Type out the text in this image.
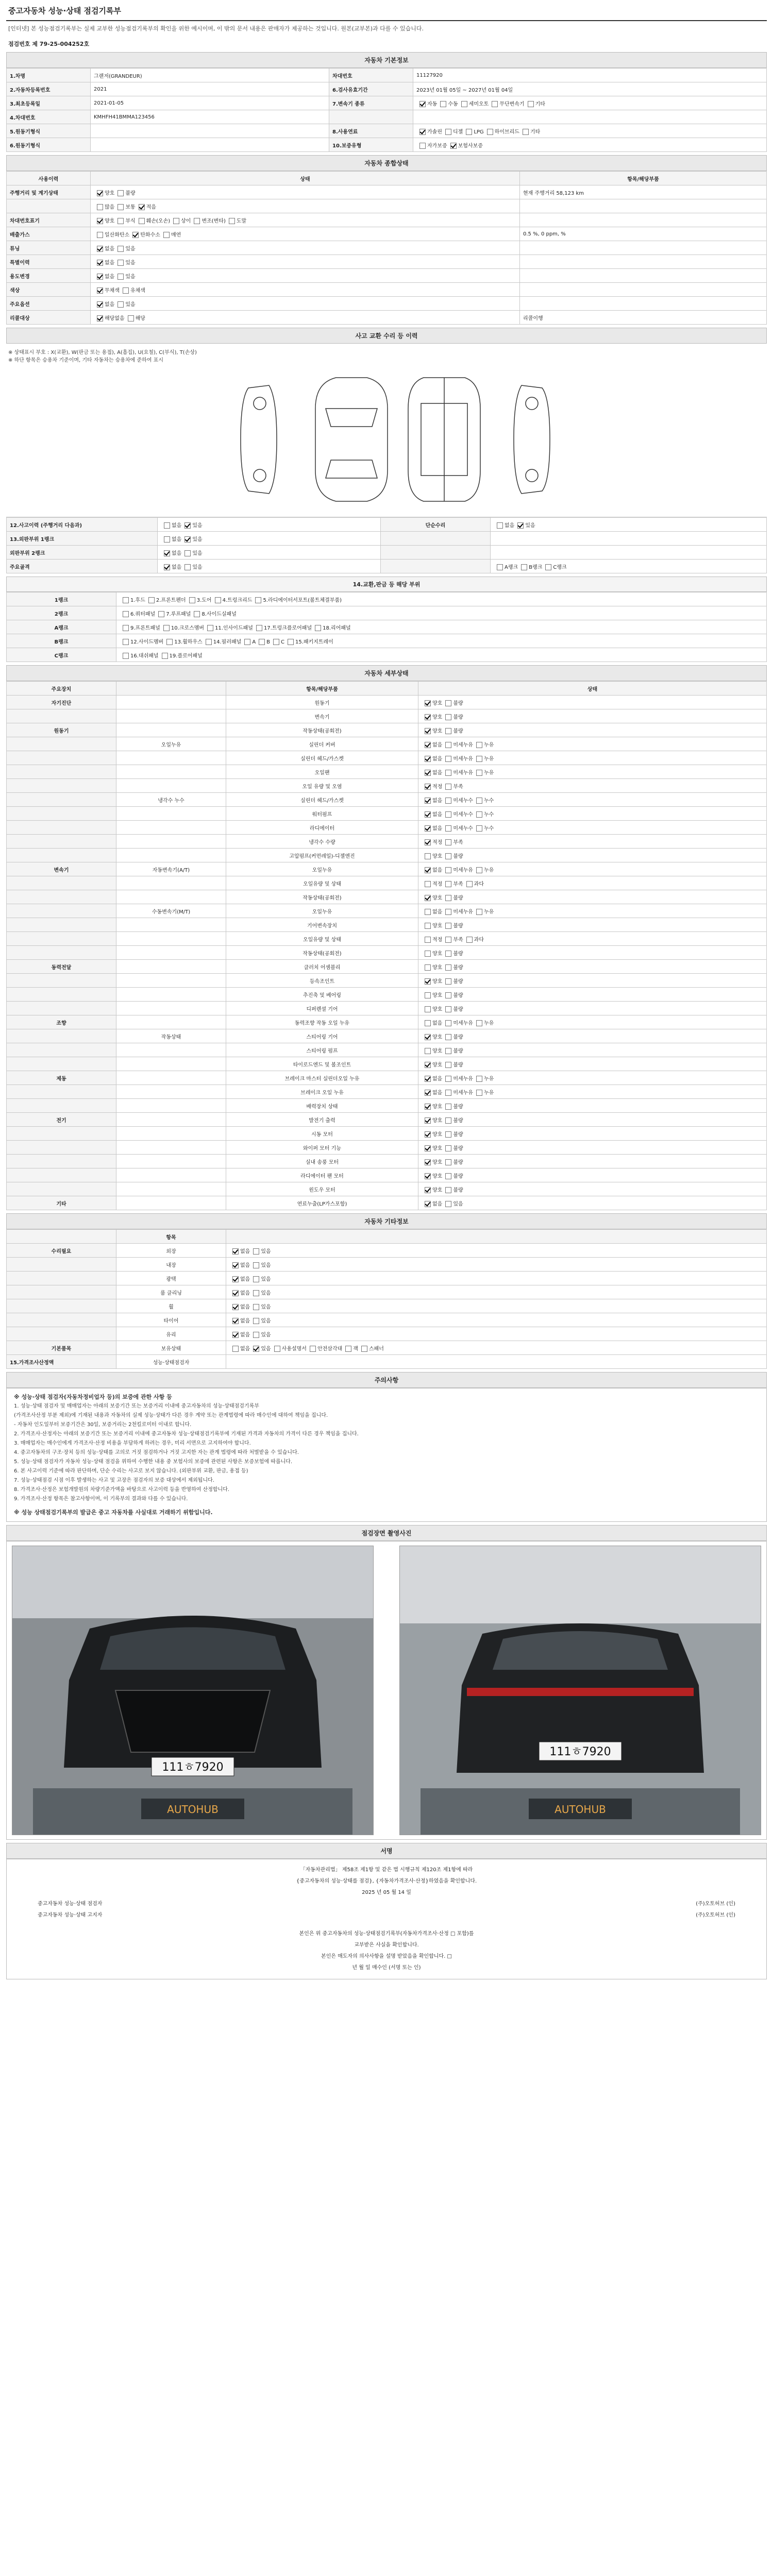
중고자동차 성능·상태 점검기록부
[인터넷] 본 성능점검기록부는 실제 교부한 성능점검기록부의 확인을 위한 예시이며, 이 밖의 문서 내용은 판매자가 제공하는 것입니다. 원본(교부본)과 다를 수 있습니다.
점검번호 제 79-25-004252호
자동차 기본정보
1.차명	그랜저(GRANDEUR)	차대번호	11127920
2.자동차등록번호	2021	6.검사유효기간	2023년 01월 05일 ~ 2027년 01월 04일
3.최초등록일	2021-01-05	7.변속기 종류	자동 수동 세미오토 무단변속기 기타
4.차대번호	KMHFH41BMMA123456		
5.원동기형식		8.사용연료	가솔린 디젤 LPG 하이브리드 기타
6.원동기형식		10.보증유형	자가보증 보험사보증
자동차 종합상태
사용이력	상태	항목/해당부품
주행거리 및 계기상태	양호 불량	현재 주행거리 58,123 km
	많음 보통 적음	
차대번호표기	양호 부식 훼손(오손) 상이 변조(변타) 도말	
배출가스	일산화탄소 탄화수소 매연	0.5 %, 0 ppm, %
튜닝	없음 있음	
특별이력	없음 있음	
용도변경	없음 있음	
색상	무채색 유채색	
주요옵션	없음 있음	
리콜대상	해당없음 해당	리콜이행
사고 교환 수리 등 이력
※ 상태표시 부호 : X(교환), W(판금 또는 용접), A(흠집), U(요철), C(부식), T(손상)
※ 하단 항목은 승용차 기준이며, 기타 자동차는 승용차에 준하여 표시
12.사고이력 (주행거리 다음과)	없음 있음	단순수리	없음 있음
13.외판부위 1랭크	없음 있음		
외판부위 2랭크	없음 있음		
주요골격	없음 있음		A랭크 B랭크 C랭크
14.교환,판금 등 해당 부위
1랭크	1.후드 2.프론트펜더 3.도어 4.트렁크리드 5.라디에이터서포트(볼트체결부품)
2랭크	6.쿼터패널 7.루프패널 8.사이드실패널
A랭크	9.프론트패널 10.크로스멤버 11.인사이드패널 17.트렁크플로어패널 18.리어패널
B랭크	12.사이드멤버 13.휠하우스 14.필러패널 A B C 15.패키지트레이
C랭크	16.대쉬패널 19.플로어패널
자동차 세부상태
주요장치		항목/해당부품	상태
자기진단		원동기	양호 불량
		변속기	양호 불량
원동기		작동상태(공회전)	양호 불량
	오일누유	실린더 커버	없음 미세누유 누유
		실린더 헤드/가스켓	없음 미세누유 누유
		오일팬	없음 미세누유 누유
		오일 유량 및 오염	적정 부족
	냉각수 누수	실린더 헤드/가스켓	없음 미세누수 누수
		워터펌프	없음 미세누수 누수
		라디에이터	없음 미세누수 누수
		냉각수 수량	적정 부족
		고압펌프(커먼레일)-디젤엔진	양호 불량
변속기	자동변속기(A/T)	오일누유	없음 미세누유 누유
		오일유량 및 상태	적정 부족 과다
		작동상태(공회전)	양호 불량
	수동변속기(M/T)	오일누유	없음 미세누유 누유
		기어변속장치	양호 불량
		오일유량 및 상태	적정 부족 과다
		작동상태(공회전)	양호 불량
동력전달		클러치 어셈블리	양호 불량
		등속조인트	양호 불량
		추진축 및 베어링	양호 불량
		디퍼렌셜 기어	양호 불량
조향		동력조향 작동 오일 누유	없음 미세누유 누유
	작동상태	스티어링 기어	양호 불량
		스티어링 펌프	양호 불량
		타이로드엔드 및 볼조인트	양호 불량
제동		브레이크 마스터 실린더오일 누유	없음 미세누유 누유
		브레이크 오일 누유	없음 미세누유 누유
		배력장치 상태	양호 불량
전기		발전기 출력	양호 불량
		시동 모터	양호 불량
		와이퍼 모터 기능	양호 불량
		실내 송풍 모터	양호 불량
		라디에이터 팬 모터	양호 불량
		윈도우 모터	양호 불량
기타		연료누출(LP가스포함)	없음 있음
자동차 기타정보
	항목	
수리필요	외장	없음 있음
	내장	없음 있음
	광택	없음 있음
	룸 클리닝	없음 있음
	휠	없음 있음
	타이어	없음 있음
	유리	없음 있음
기본품목	보유상태	없음 있음 사용설명서 안전삼각대 잭 스패너
15.가격조사산정액	성능·상태점검자	
주의사항
※ 성능·상태 점검자(자동차정비업자 등)의 보증에 관한 사항 등
1. 성능·상태 점검자 및 매매업자는 아래의 보증기간 또는 보증거리 이내에 중고자동차의 성능·상태점검기록부
(가격조사산정 부분 제외)에 기재된 내용과 자동차의 실제 성능·상태가 다른 경우 계약 또는 관계법령에 따라 매수인에 대하여 책임을 집니다.
- 자동차 인도일부터 보증기간은 30일, 보증거리는 2천킬로미터 이내로 합니다.
2. 가격조사·산정자는 아래의 보증기간 또는 보증거리 이내에 중고자동차 성능·상태점검기록부에 기재된 가격과 자동차의 가격이 다른 경우 책임을 집니다.
3. 매매업자는 매수인에게 가격조사·산정 비용을 부담하게 하려는 경우, 미리 서면으로 고지하여야 합니다.
4. 중고자동차의 구조·장치 등의 성능·상태를 고의로 거짓 점검하거나 거짓 고지한 자는 관계 법령에 따라 처벌받을 수 있습니다.
5. 성능·상태 점검자가 자동차 성능·상태 점검을 위하여 수행한 내용 중 보험사의 보증에 관련된 사항은 보증보험에 따릅니다.
6. 본 사고이력 기준에 따라 판단하며, 단순 수리는 사고로 보지 않습니다. (외판부위 교환, 판금, 용접 등)
7. 성능·상태점검 시점 이후 발생하는 사고 및 고장은 점검자의 보증 대상에서 제외됩니다.
8. 가격조사·산정은 보험개발원의 차량기준가액을 바탕으로 사고이력 등을 반영하여 산정합니다.
9. 가격조사·산정 항목은 참고사항이며, 이 기록부의 결과와 다를 수 있습니다.
※ 성능 상태점검기록부의 발급은 중고 자동차를 사실대로 거래하기 위함입니다.
점검장면 촬영사진
111ㅎ7920
AUTOHUB
111ㅎ7920
AUTOHUB
서명
「자동차관리법」 제58조 제1항 및 같은 법 시행규칙 제120조 제1항에 따라
{중고자동차의 성능·상태를 점검}, {자동차가격조사·산정}하였음을 확인합니다.
2025 년 05 월 14 일
중고자동차 성능·상태 점검자	(주)오토허브 (인)
중고자동차 성능·상태 고지자	(주)오토허브 (인)
본인은 위 중고자동차의 성능·상태점검기록부(자동차가격조사·산정 □ 포함)를
교부받은 사실을 확인합니다.
본인은 매도자의 의사사항을 설명 받았음을 확인합니다. □
년 월 일 매수인 (서명 또는 인)
